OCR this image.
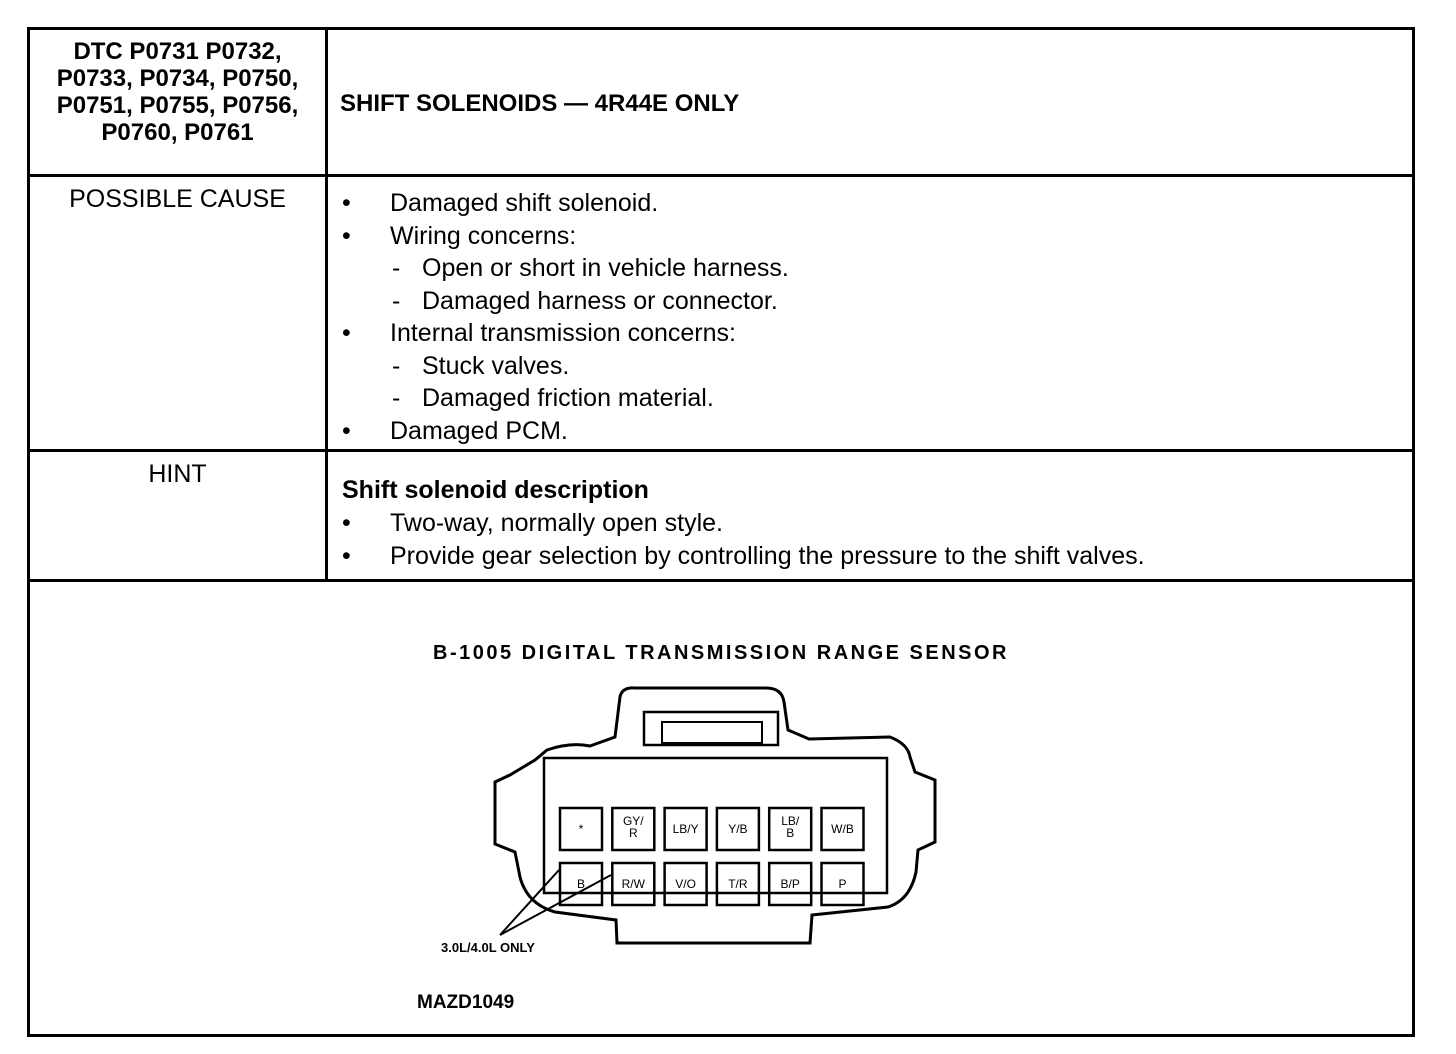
DTC P0731 P0732,
P0733, P0734, P0750,
P0751, P0755, P0756,
P0760, P0761
SHIFT SOLENOIDS — 4R44E ONLY
POSSIBLE CAUSE
•	Damaged shift solenoid.
• Wiring concerns:
- Open or short in vehicle harness.
- Damaged harness or connector.
• Internal transmission concerns:
- Stuck valves.
- Damaged friction material.
• Damaged PCM.
HINT
Shift solenoid description
• Two-way, normally open style.
• Provide gear selection by controlling the pressure to the shift valves.
B-1005 DIGITAL TRANSMISSION RANGE SENSOR
*
GY/
R	LB/Y Y/B
LB/
B	W/B
B	R/W	V/O	T/R	B/P	P
3.0L/4.0L ONLY
MAZD1049
